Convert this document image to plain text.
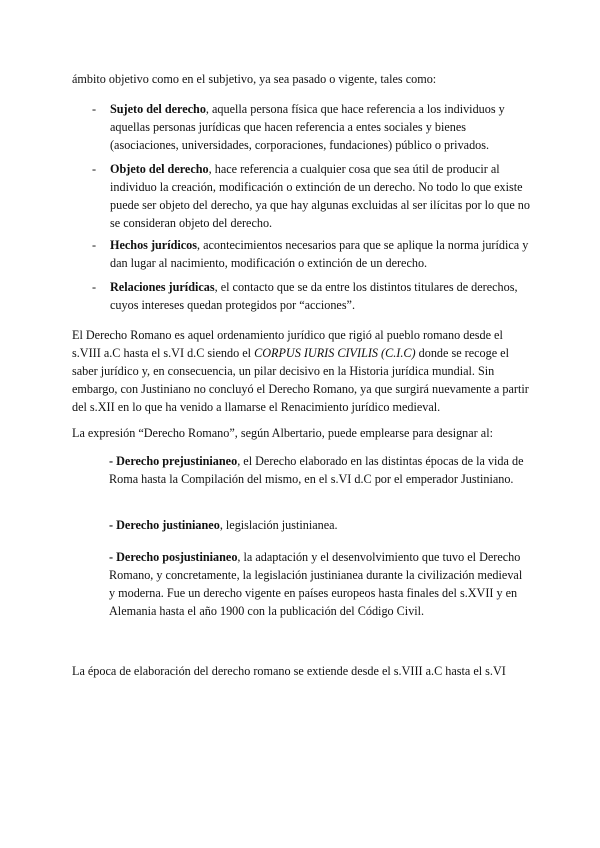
ámbito objetivo como en el subjetivo, ya sea pasado o vigente, tales como:

- Sujeto del derecho, aquella persona física que hace referencia a los individuos y aquellas personas jurídicas que hacen referencia a entes sociales y bienes (asociaciones, universidades, corporaciones, fundaciones) público o privados.
- Objeto del derecho, hace referencia a cualquier cosa que sea útil de producir al individuo la creación, modificación o extinción de un derecho. No todo lo que existe puede ser objeto del derecho, ya que hay algunas excluidas al ser ilícitas por lo que no se consideran objeto del derecho.
- Hechos jurídicos, acontecimientos necesarios para que se aplique la norma jurídica y dan lugar al nacimiento, modificación o extinción de un derecho.
- Relaciones jurídicas, el contacto que se da entre los distintos titulares de derechos, cuyos intereses quedan protegidos por “acciones”.

El Derecho Romano es aquel ordenamiento jurídico que rigió al pueblo romano desde el s.VIII a.C hasta el s.VI d.C siendo el CORPUS IURIS CIVILIS (C.I.C) donde se recoge el saber jurídico y, en consecuencia, un pilar decisivo en la Historia jurídica mundial. Sin embargo, con Justiniano no concluyó el Derecho Romano, ya que surgirá nuevamente a partir del s.XII en lo que ha venido a llamarse el Renacimiento jurídico medieval.

La expresión “Derecho Romano”, según Albertario, puede emplearse para designar al:

- Derecho prejustinianeo, el Derecho elaborado en las distintas épocas de la vida de Roma hasta la Compilación del mismo, en el s.VI d.C por el emperador Justiniano.

- Derecho justinianeo, legislación justinianea.

- Derecho posjustinianeo, la adaptación y el desenvolvimiento que tuvo el Derecho Romano, y concretamente, la legislación justinianea durante la civilización medieval y moderna. Fue un derecho vigente en países europeos hasta finales del s.XVII y en Alemania hasta el año 1900 con la publicación del Código Civil.

La época de elaboración del derecho romano se extiende desde el s.VIII a.C hasta el s.VI
